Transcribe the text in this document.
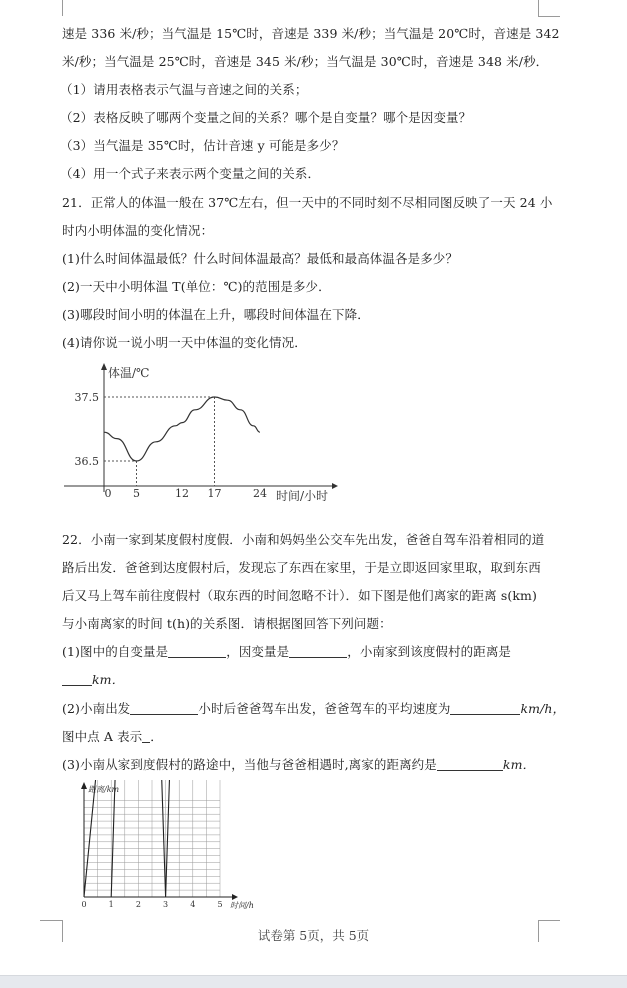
速是 336 米/秒；当气温是 15℃时，音速是 339 米/秒；当气温是 20℃时，音速是 342
米/秒；当气温是 25℃时，音速是 345 米/秒；当气温是 30℃时，音速是 348 米/秒．
（1）请用表格表示气温与音速之间的关系；
（2）表格反映了哪两个变量之间的关系？哪个是自变量？哪个是因变量？
（3）当气温是 35℃时，估计音速 y 可能是多少？
（4）用一个式子来表示两个变量之间的关系．
21．正常人的体温一般在 37℃左右，但一天中的不同时刻不尽相同图反映了一天 24 小
时内小明体温的变化情况：
(1)什么时间体温最低？什么时间体温最高？最低和最高体温各是多少？
(2)一天中小明体温 T(单位：℃)的范围是多少．
(3)哪段时间小明的体温在上升，哪段时间体温在下降．
(4)请你说一说小明一天中体温的变化情况．
体温/℃
时间/小时
37.5
36.5
0 5	12 17	24
22．小南一家到某度假村度假．小南和妈妈坐公交车先出发，爸爸自驾车沿着相同的道
路后出发．爸爸到达度假村后，发现忘了东西在家里，于是立即返回家里取，取到东西
后又马上驾车前往度假村（取东西的时间忽略不计）．如下图是他们离家的距离 s(km)
与小南离家的时间 t(h)的关系图．请根据图回答下列问题：
(1)图中的自变量是	，因变量是	，小南家到该度假村的距离是
km．
(2)小南出发	小时后爸爸驾车出发，爸爸驾车的平均速度为	km/h，
图中点 A 表示 ．
(3)小南从家到度假村的路途中，当他与爸爸相遇时,离家的距离约是	km．
距离/km
时间/h
0	1	2	3	4	5
试卷第 5页，共 5页
